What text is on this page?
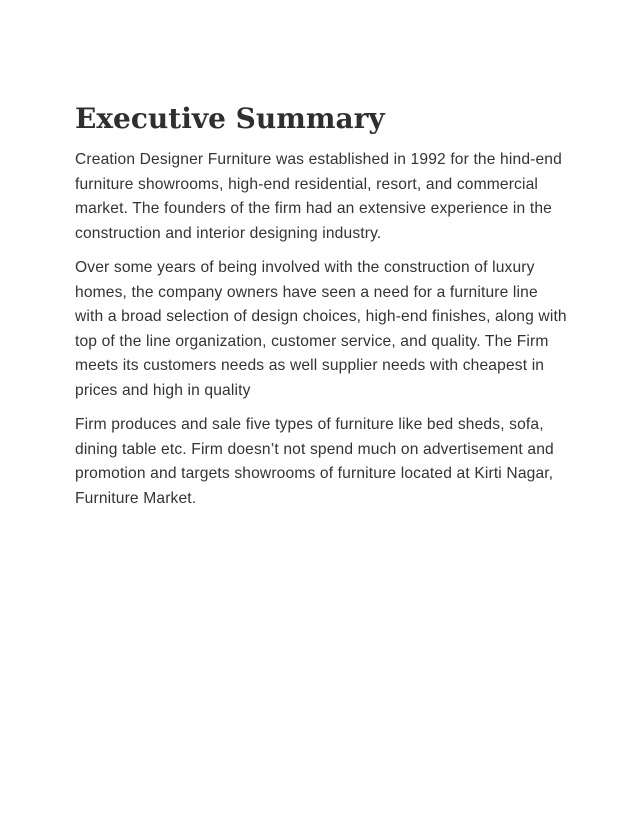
Executive Summary

Creation Designer Furniture was established in 1992 for the hind-end furniture showrooms, high-end residential, resort, and commercial market. The founders of the firm had an extensive experience in the construction and interior designing industry.

Over some years of being involved with the construction of luxury homes, the company owners have seen a need for a furniture line with a broad selection of design choices, high-end finishes, along with top of the line organization, customer service, and quality. The Firm meets its customers needs as well supplier needs with cheapest in prices and high in quality

Firm produces and sale five types of furniture like bed sheds, sofa, dining table etc. Firm doesn’t not spend much on advertisement and promotion and targets showrooms of furniture located at Kirti Nagar, Furniture Market.
